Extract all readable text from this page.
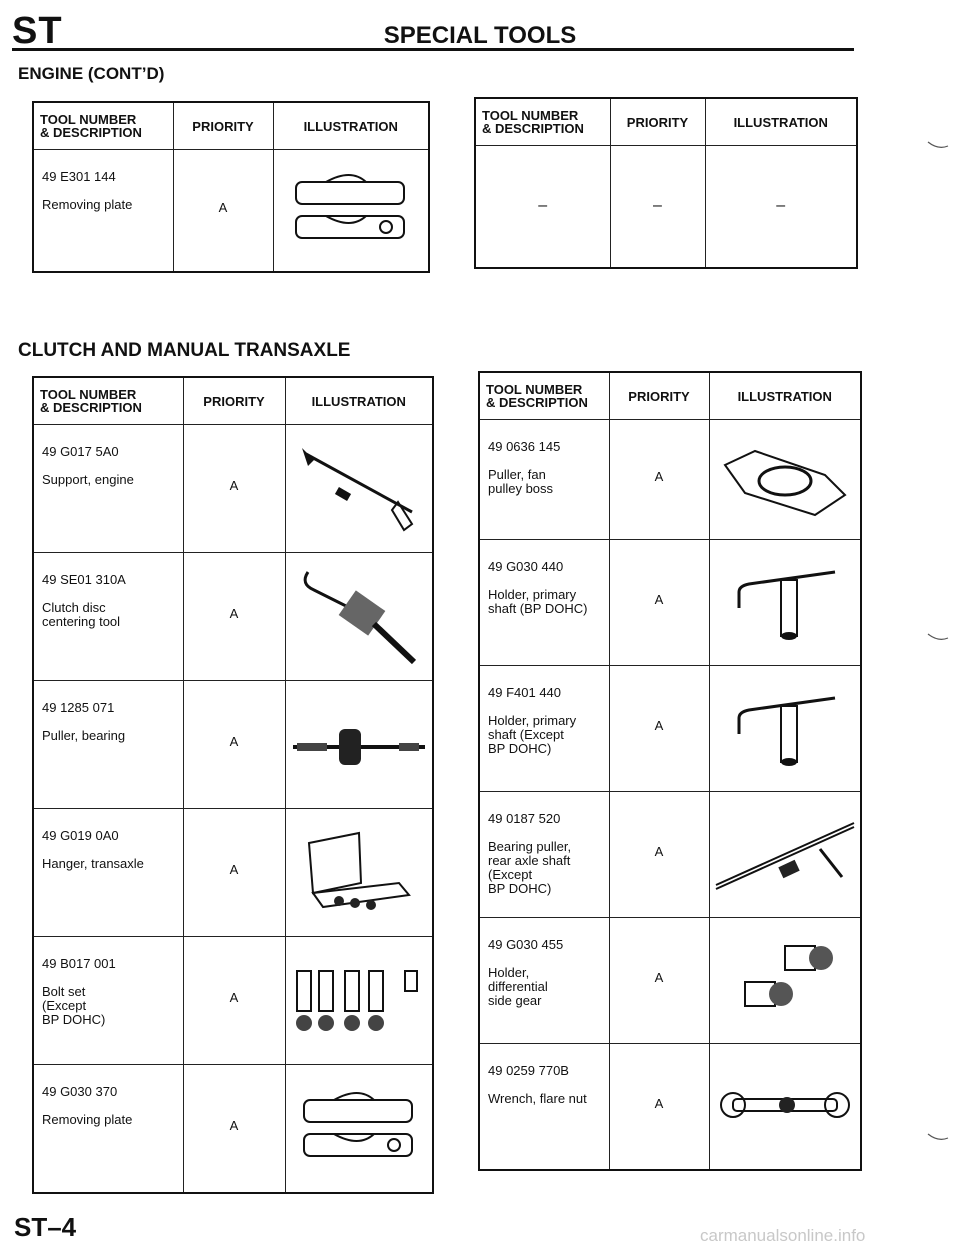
ST	SPECIAL TOOLS
ENGINE (CONT’D)
TOOL NUMBER
& DESCRIPTION	PRIORITY	ILLUSTRATION

49 E301 144
Removing plate	A	
TOOL NUMBER
& DESCRIPTION	PRIORITY	ILLUSTRATION
–	–	–
CLUTCH AND MANUAL TRANSAXLE
TOOL NUMBER
& DESCRIPTION	PRIORITY	ILLUSTRATION

49 G017 5A0
Support, engine	A	

49 SE01 310A
Clutch disc
centering tool	A	

49 1285 071
Puller, bearing	A	

49 G019 0A0
Hanger, transaxle	A	

49 B017 001
Bolt set
(Except
BP DOHC)	A	

49 G030 370
Removing plate	A	
TOOL NUMBER
& DESCRIPTION	PRIORITY	ILLUSTRATION

49 0636 145
Puller, fan
pulley boss	A	

49 G030 440
Holder, primary
shaft (BP DOHC)	A	

49 F401 440
Holder, primary
shaft (Except
BP DOHC)	A	

49 0187 520
Bearing puller,
rear axle shaft
(Except
BP DOHC)	A	

49 G030 455
Holder,
differential
side gear	A	

49 0259 770B
Wrench, flare nut	A	
ST–4	carmanualsonline.info
